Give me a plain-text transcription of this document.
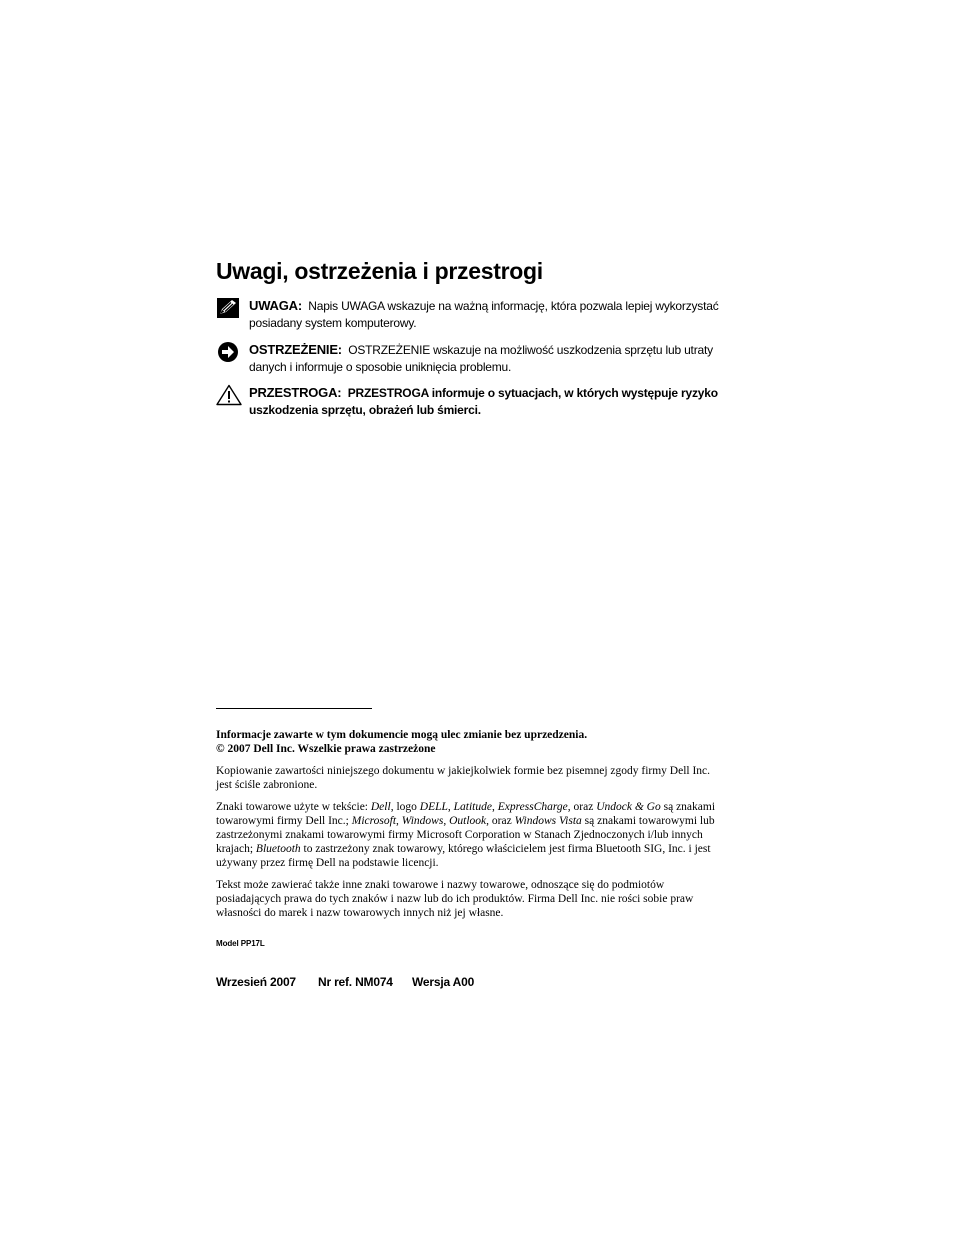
Uwagi, ostrzeżenia i przestrogi
UWAGA: Napis UWAGA wskazuje na ważną informację, która pozwala lepiej wykorzystać posiadany system komputerowy.
OSTRZEŻENIE: OSTRZEŻENIE wskazuje na możliwość uszkodzenia sprzętu lub utraty danych i informuje o sposobie uniknięcia problemu.
PRZESTROGA: PRZESTROGA informuje o sytuacjach, w których występuje ryzyko uszkodzenia sprzętu, obrażeń lub śmierci.

Informacje zawarte w tym dokumencie mogą ulec zmianie bez uprzedzenia.
© 2007 Dell Inc. Wszelkie prawa zastrzeżone

Kopiowanie zawartości niniejszego dokumentu w jakiejkolwiek formie bez pisemnej zgody firmy Dell Inc. jest ściśle zabronione.

Znaki towarowe użyte w tekście: Dell, logo DELL, Latitude, ExpressCharge, oraz Undock & Go są znakami towarowymi firmy Dell Inc.; Microsoft, Windows, Outlook, oraz Windows Vista są znakami towarowymi lub zastrzeżonymi znakami towarowymi firmy Microsoft Corporation w Stanach Zjednoczonych i/lub innych krajach; Bluetooth to zastrzeżony znak towarowy, którego właścicielem jest firma Bluetooth SIG, Inc. i jest używany przez firmę Dell na podstawie licencji.

Tekst może zawierać także inne znaki towarowe i nazwy towarowe, odnoszące się do podmiotów posiadających prawa do tych znaków i nazw lub do ich produktów. Firma Dell Inc. nie rości sobie praw własności do marek i nazw towarowych innych niż jej własne.

Model PP17L
Wrzesień 2007 Nr ref. NM074 Wersja A00
